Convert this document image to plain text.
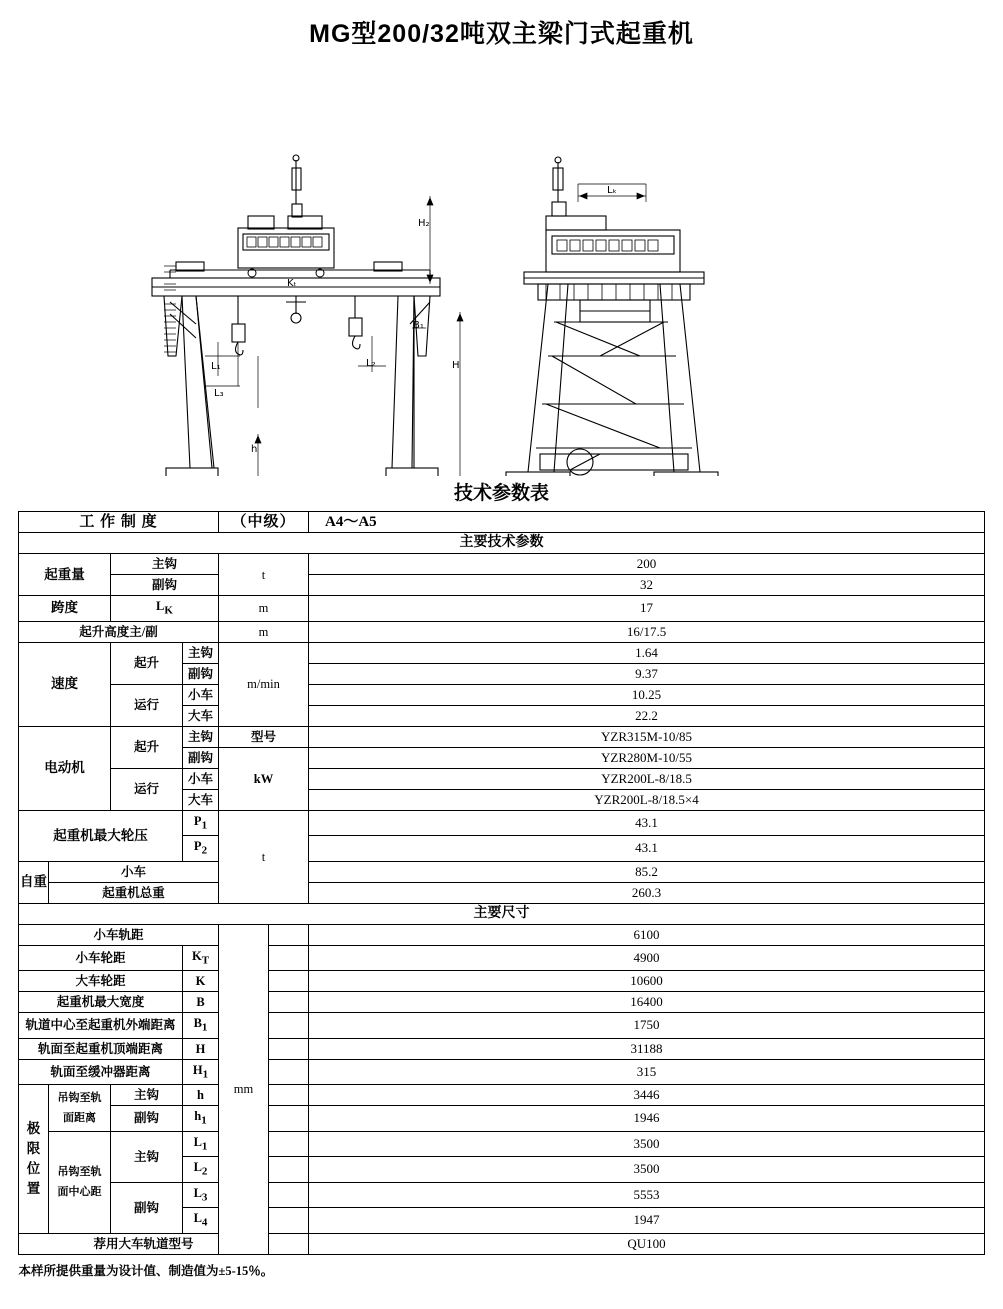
MG型200/32吨双主梁门式起重机
H₂
Kₜ
B₁
H
L₁
L₃
L₂
h
Lₖ
技术参数表
工 作 制 度				（中级）		A4～A5
主要技术参数						
起重量		主钩		t		200
		副钩				32
跨度		LK		m		17
起升高度主/副				m		16/17.5
速度		起升	主钩	m/min		1.64
			副钩			9.37
		运行	小车			10.25
			大车			22.2
电动机		起升	主钩	型号		YZR315M-10/85
			副钩	kW		YZR280M-10/55
		运行	小车			YZR200L-8/18.5
			大车			YZR200L-8/18.5×4
起重机最大轮压			P1	t		43.1
			P2			43.1
自重	小车					85.2
	起重机总重					260.3
主要尺寸						
小车轨距				mm		6100
小车轮距			KT			4900
大车轮距			K			10600
起重机最大宽度			B			16400
轨道中心至起重机外端距离			B1			1750
轨面至起重机顶端距离			H			31188
轨面至缓冲器距离			H1			315
极
限
位
置	吊钩至轨
面距离	主钩	h			3446
		副钩	h1			1946
	吊钩至轨
面中心距	主钩	L1			3500
			L2			3500
		副钩	L3			5553
			L4			1947
荐用大车轨道型号						QU100
本样所提供重量为设计值、制造值为±5-15％。
